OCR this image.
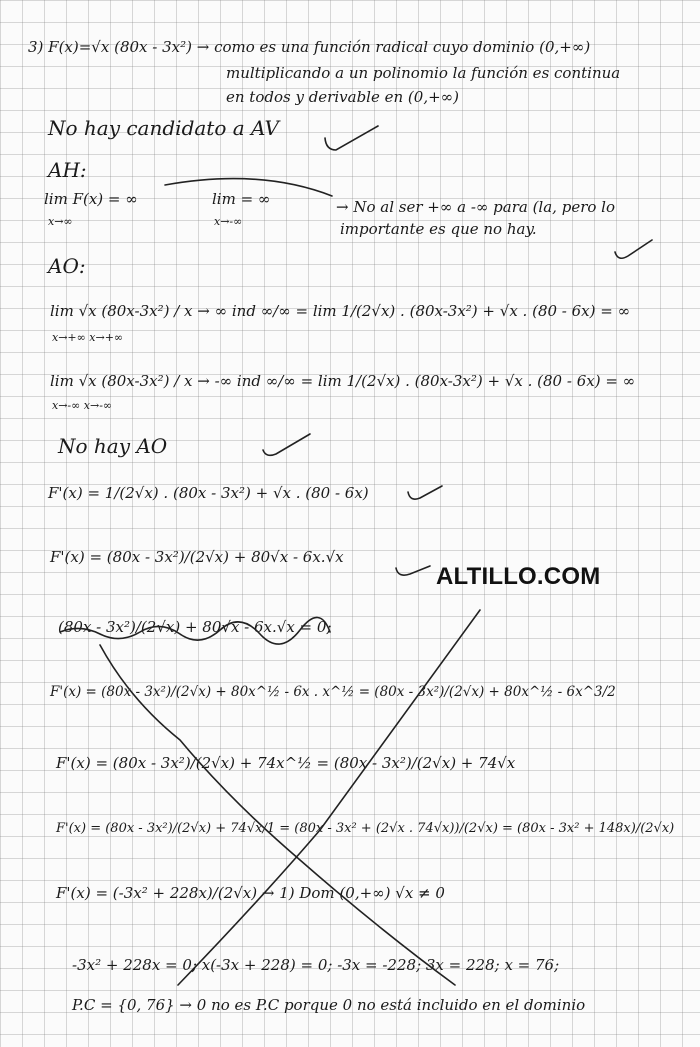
3) F(x)=√x (80x - 3x²) → como es una función radical cuyo dominio (0,+∞)
multiplicando a un polinomio la función es continua
en todos y derivable en (0,+∞)
No hay candidato a AV
AH:
lim F(x) = ∞	lim = ∞	→ No al ser +∞ a -∞ para (la, pero lo
x→∞	x→-∞	importante es que no hay.
AO:
lim √x (80x-3x²) / x → ∞ ind ∞/∞ = lim 1/(2√x) . (80x-3x²) + √x . (80 - 6x) = ∞
x→+∞ x→+∞
lim √x (80x-3x²) / x → -∞ ind ∞/∞ = lim 1/(2√x) . (80x-3x²) + √x . (80 - 6x) = ∞
x→-∞ x→-∞
No hay AO
F'(x) = 1/(2√x) . (80x - 3x²) + √x . (80 - 6x)
F'(x) = (80x - 3x²)/(2√x) + 80√x - 6x.√x
(80x - 3x²)/(2√x) + 80√x - 6x.√x = 0;
F'(x) = (80x - 3x²)/(2√x) + 80x^½ - 6x . x^½ = (80x - 3x²)/(2√x) + 80x^½ - 6x^3/2
F'(x) = (80x - 3x²)/(2√x) + 74x^½ = (80x - 3x²)/(2√x) + 74√x
F'(x) = (80x - 3x²)/(2√x) + 74√x/1 = (80x - 3x² + (2√x . 74√x))/(2√x) = (80x - 3x² + 148x)/(2√x)
F'(x) = (-3x² + 228x)/(2√x) → 1) Dom (0,+∞) √x ≠ 0
-3x² + 228x = 0; x(-3x + 228) = 0; -3x = -228; 3x = 228; x = 76;
P.C = {0, 76} → 0 no es P.C porque 0 no está incluido en el dominio
ALTILLO.COM
